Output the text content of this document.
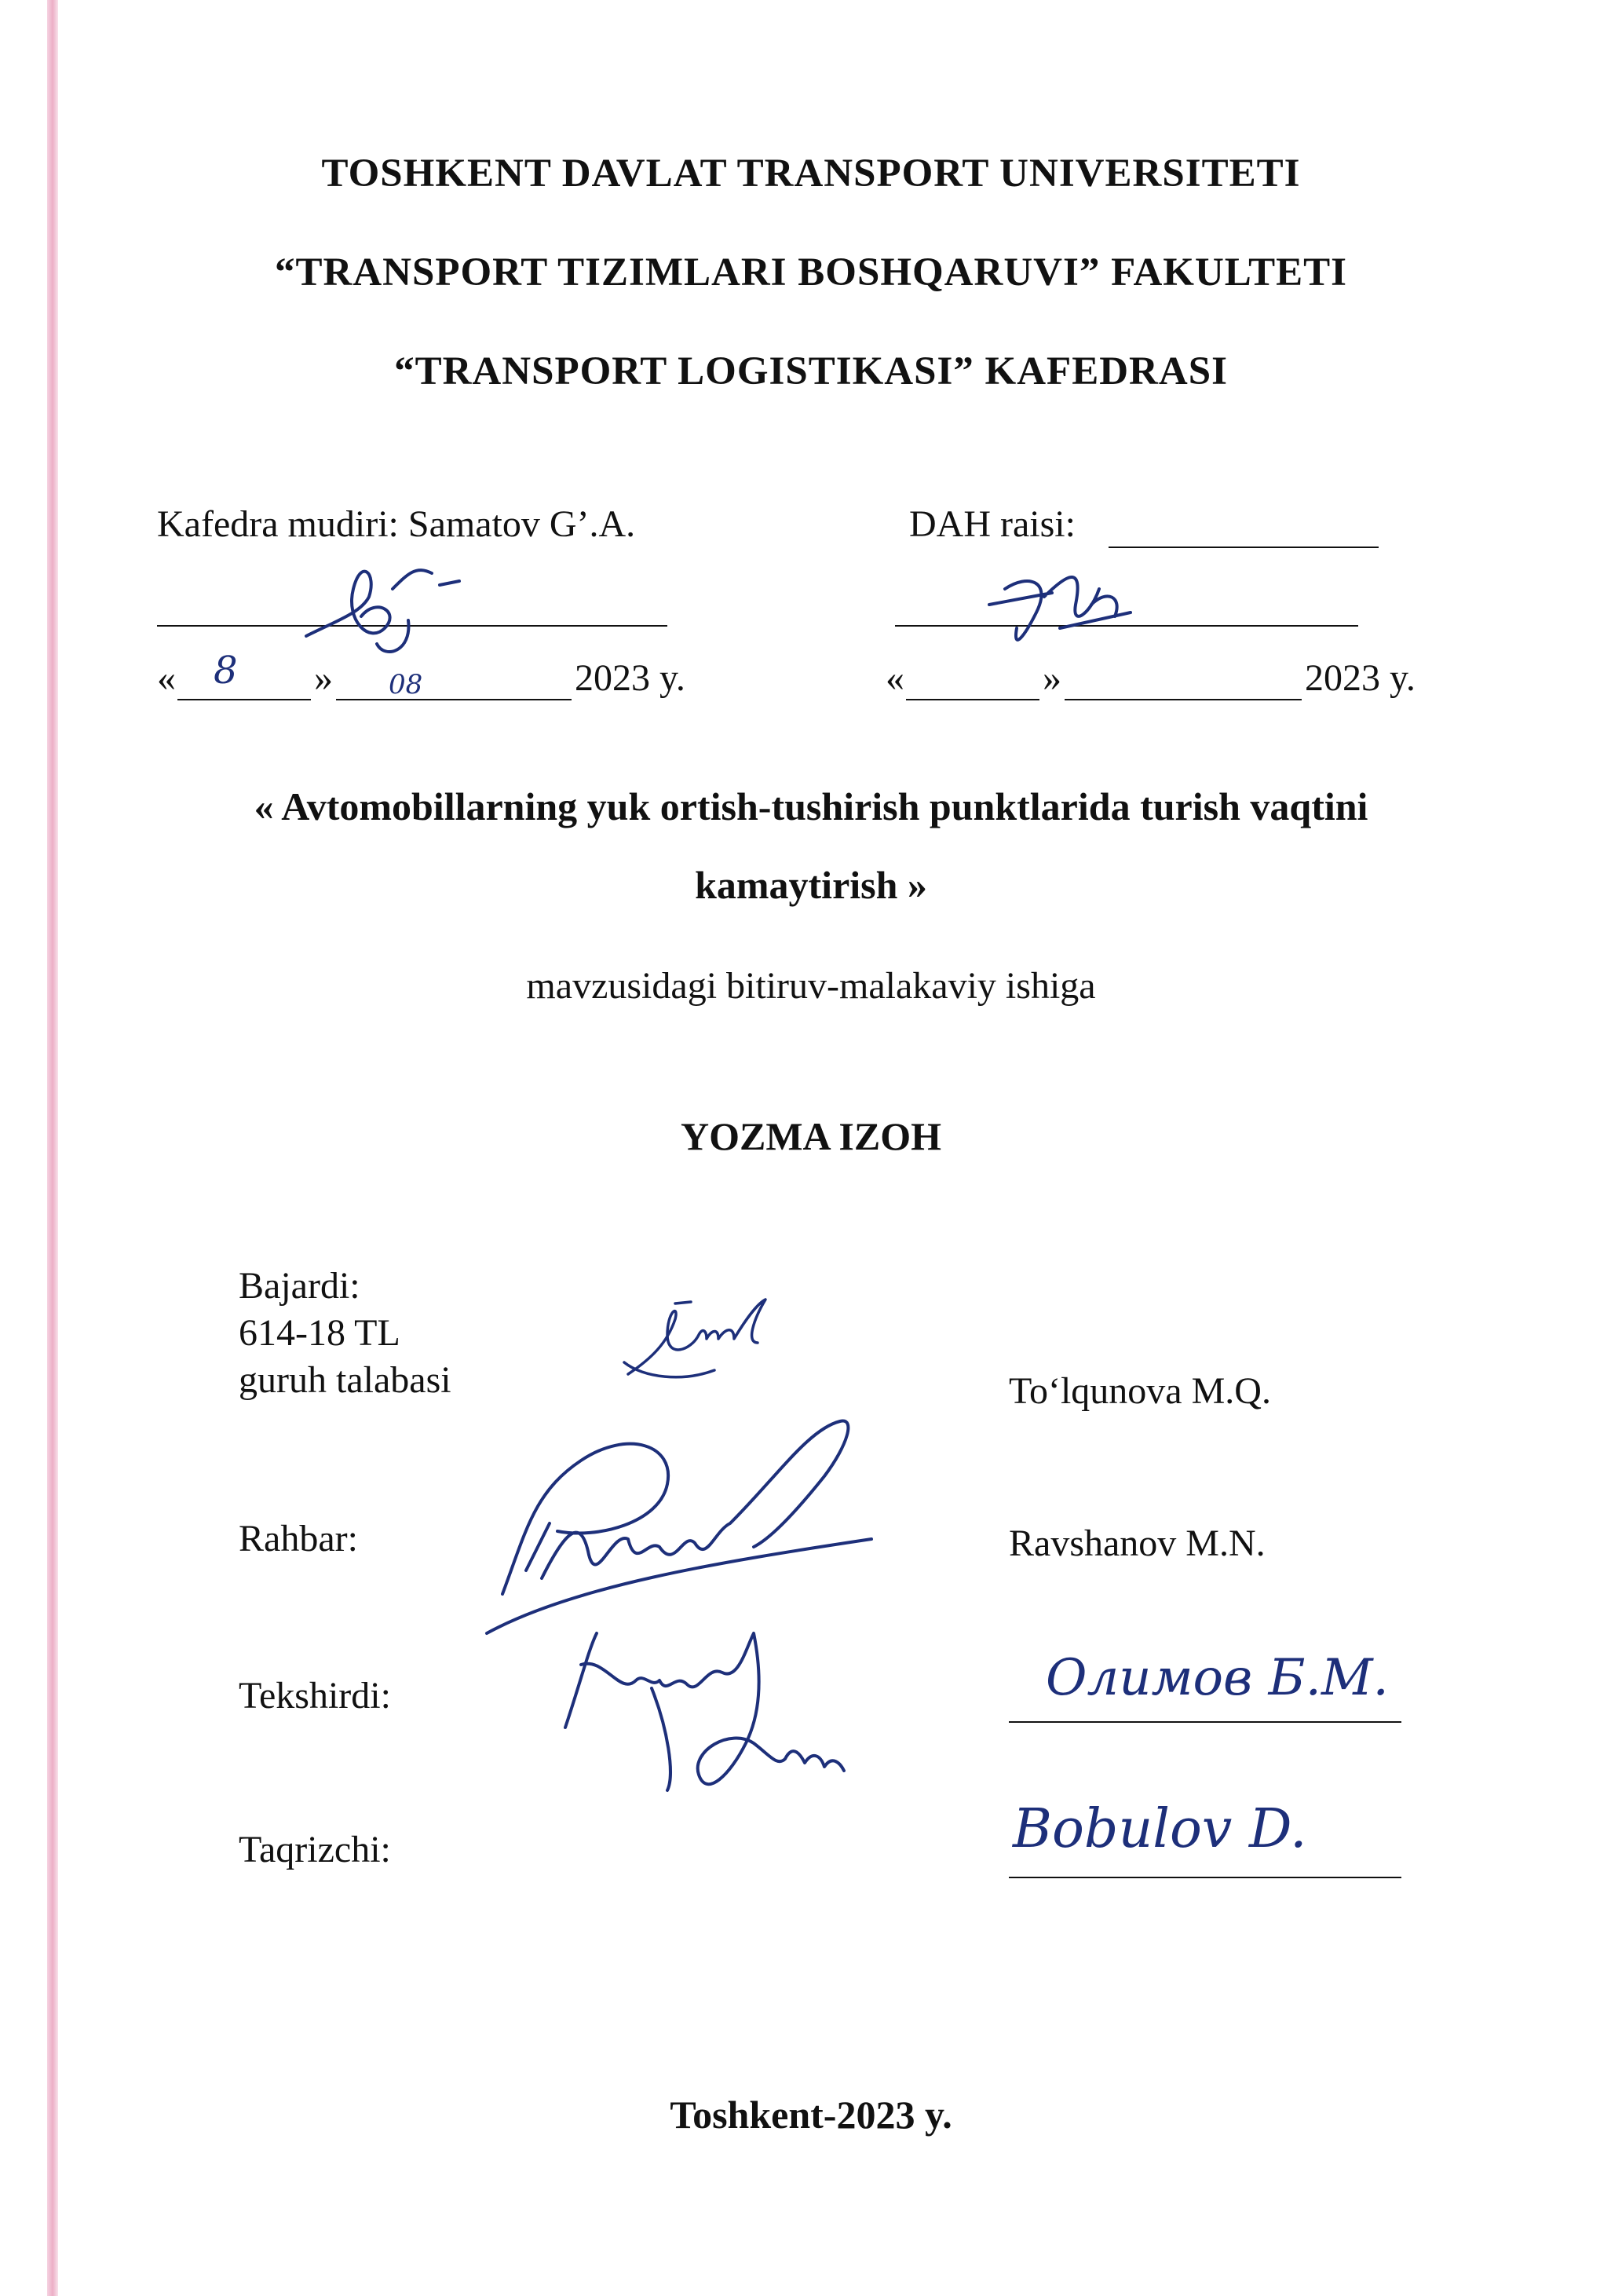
TOSHKENT DAVLAT TRANSPORT UNIVERSITETI
“TRANSPORT TIZIMLARI BOSHQARUVI” FAKULTETI
“TRANSPORT LOGISTIKASI” KAFEDRASI
Kafedra mudiri: Samatov G’.A.
« 8 » 08	2023 y.
DAH raisi:
«	»	2023 y.
« Avtomobillarning yuk ortish-tushirish punktlarida turish vaqtini
kamaytirish »
mavzusidagi bitiruv-malakaviy ishiga
YOZMA IZOH
Bajardi:
614-18 TL
guruh talabasi	To‘lqunova M.Q.
Rahbar:	Ravshanov M.N.
Tekshirdi:	Олимов Б.М.
Taqrizchi:	Bobulov D.
Toshkent-2023 y.
